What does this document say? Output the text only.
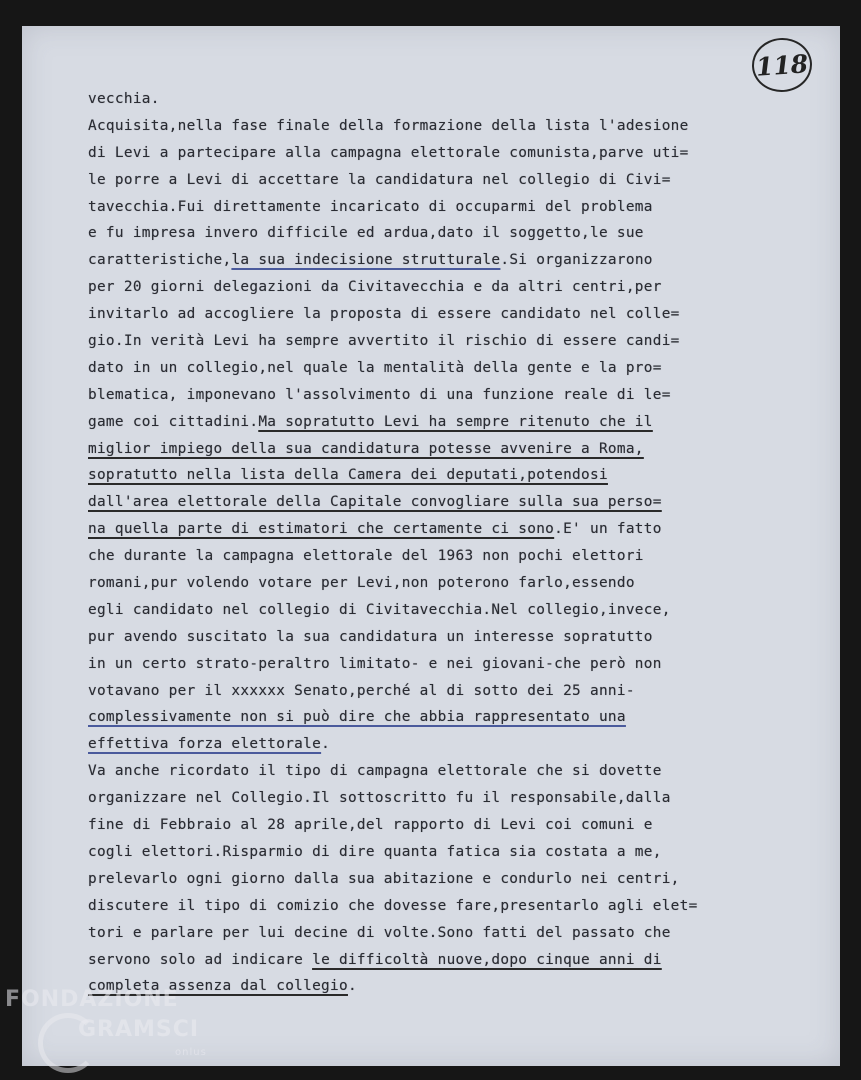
118
vecchia.
Acquisita,nella fase finale della formazione della lista l'adesione
di Levi a partecipare alla campagna elettorale comunista,parve uti=
le porre a Levi di accettare la candidatura nel collegio di Civi=
tavecchia.Fui direttamente incaricato di occuparmi del problema
e fu impresa invero difficile ed ardua,dato il soggetto,le sue
caratteristiche,la sua indecisione strutturale.Si organizzarono
per 20 giorni delegazioni da Civitavecchia e da altri centri,per
invitarlo ad accogliere la proposta di essere candidato nel colle=
gio.In verità Levi ha sempre avvertito il rischio di essere candi=
dato in un collegio,nel quale la mentalità della gente e la pro=
blematica, imponevano l'assolvimento di una funzione reale di le=
game coi cittadini.Ma sopratutto Levi ha sempre ritenuto che il
miglior impiego della sua candidatura potesse avvenire a Roma,
sopratutto nella lista della Camera dei deputati,potendosi
dall'area elettorale della Capitale convogliare sulla sua perso=
na quella parte di estimatori che certamente ci sono.E' un fatto
che durante la campagna elettorale del 1963 non pochi elettori
romani,pur volendo votare per Levi,non poterono farlo,essendo
egli candidato nel collegio di Civitavecchia.Nel collegio,invece,
pur avendo suscitato la sua candidatura un interesse sopratutto
in un certo strato-peraltro limitato- e nei giovani-che però non
votavano per il xxxxxx Senato,perché al di sotto dei 25 anni-
complessivamente non si può dire che abbia rappresentato una
effettiva forza elettorale.
Va anche ricordato il tipo di campagna elettorale che si dovette
organizzare nel Collegio.Il sottoscritto fu il responsabile,dalla
fine di Febbraio al 28 aprile,del rapporto di Levi coi comuni e
cogli elettori.Risparmio di dire quanta fatica sia costata a me,
prelevarlo ogni giorno dalla sua abitazione e condurlo nei centri,
discutere il tipo di comizio che dovesse fare,presentarlo agli elet=
tori e parlare per lui decine di volte.Sono fatti del passato che
servono solo ad indicare le difficoltà nuove,dopo cinque anni di
completa assenza dal collegio.
FONDAZIONE
GRAMSCI
onlus
